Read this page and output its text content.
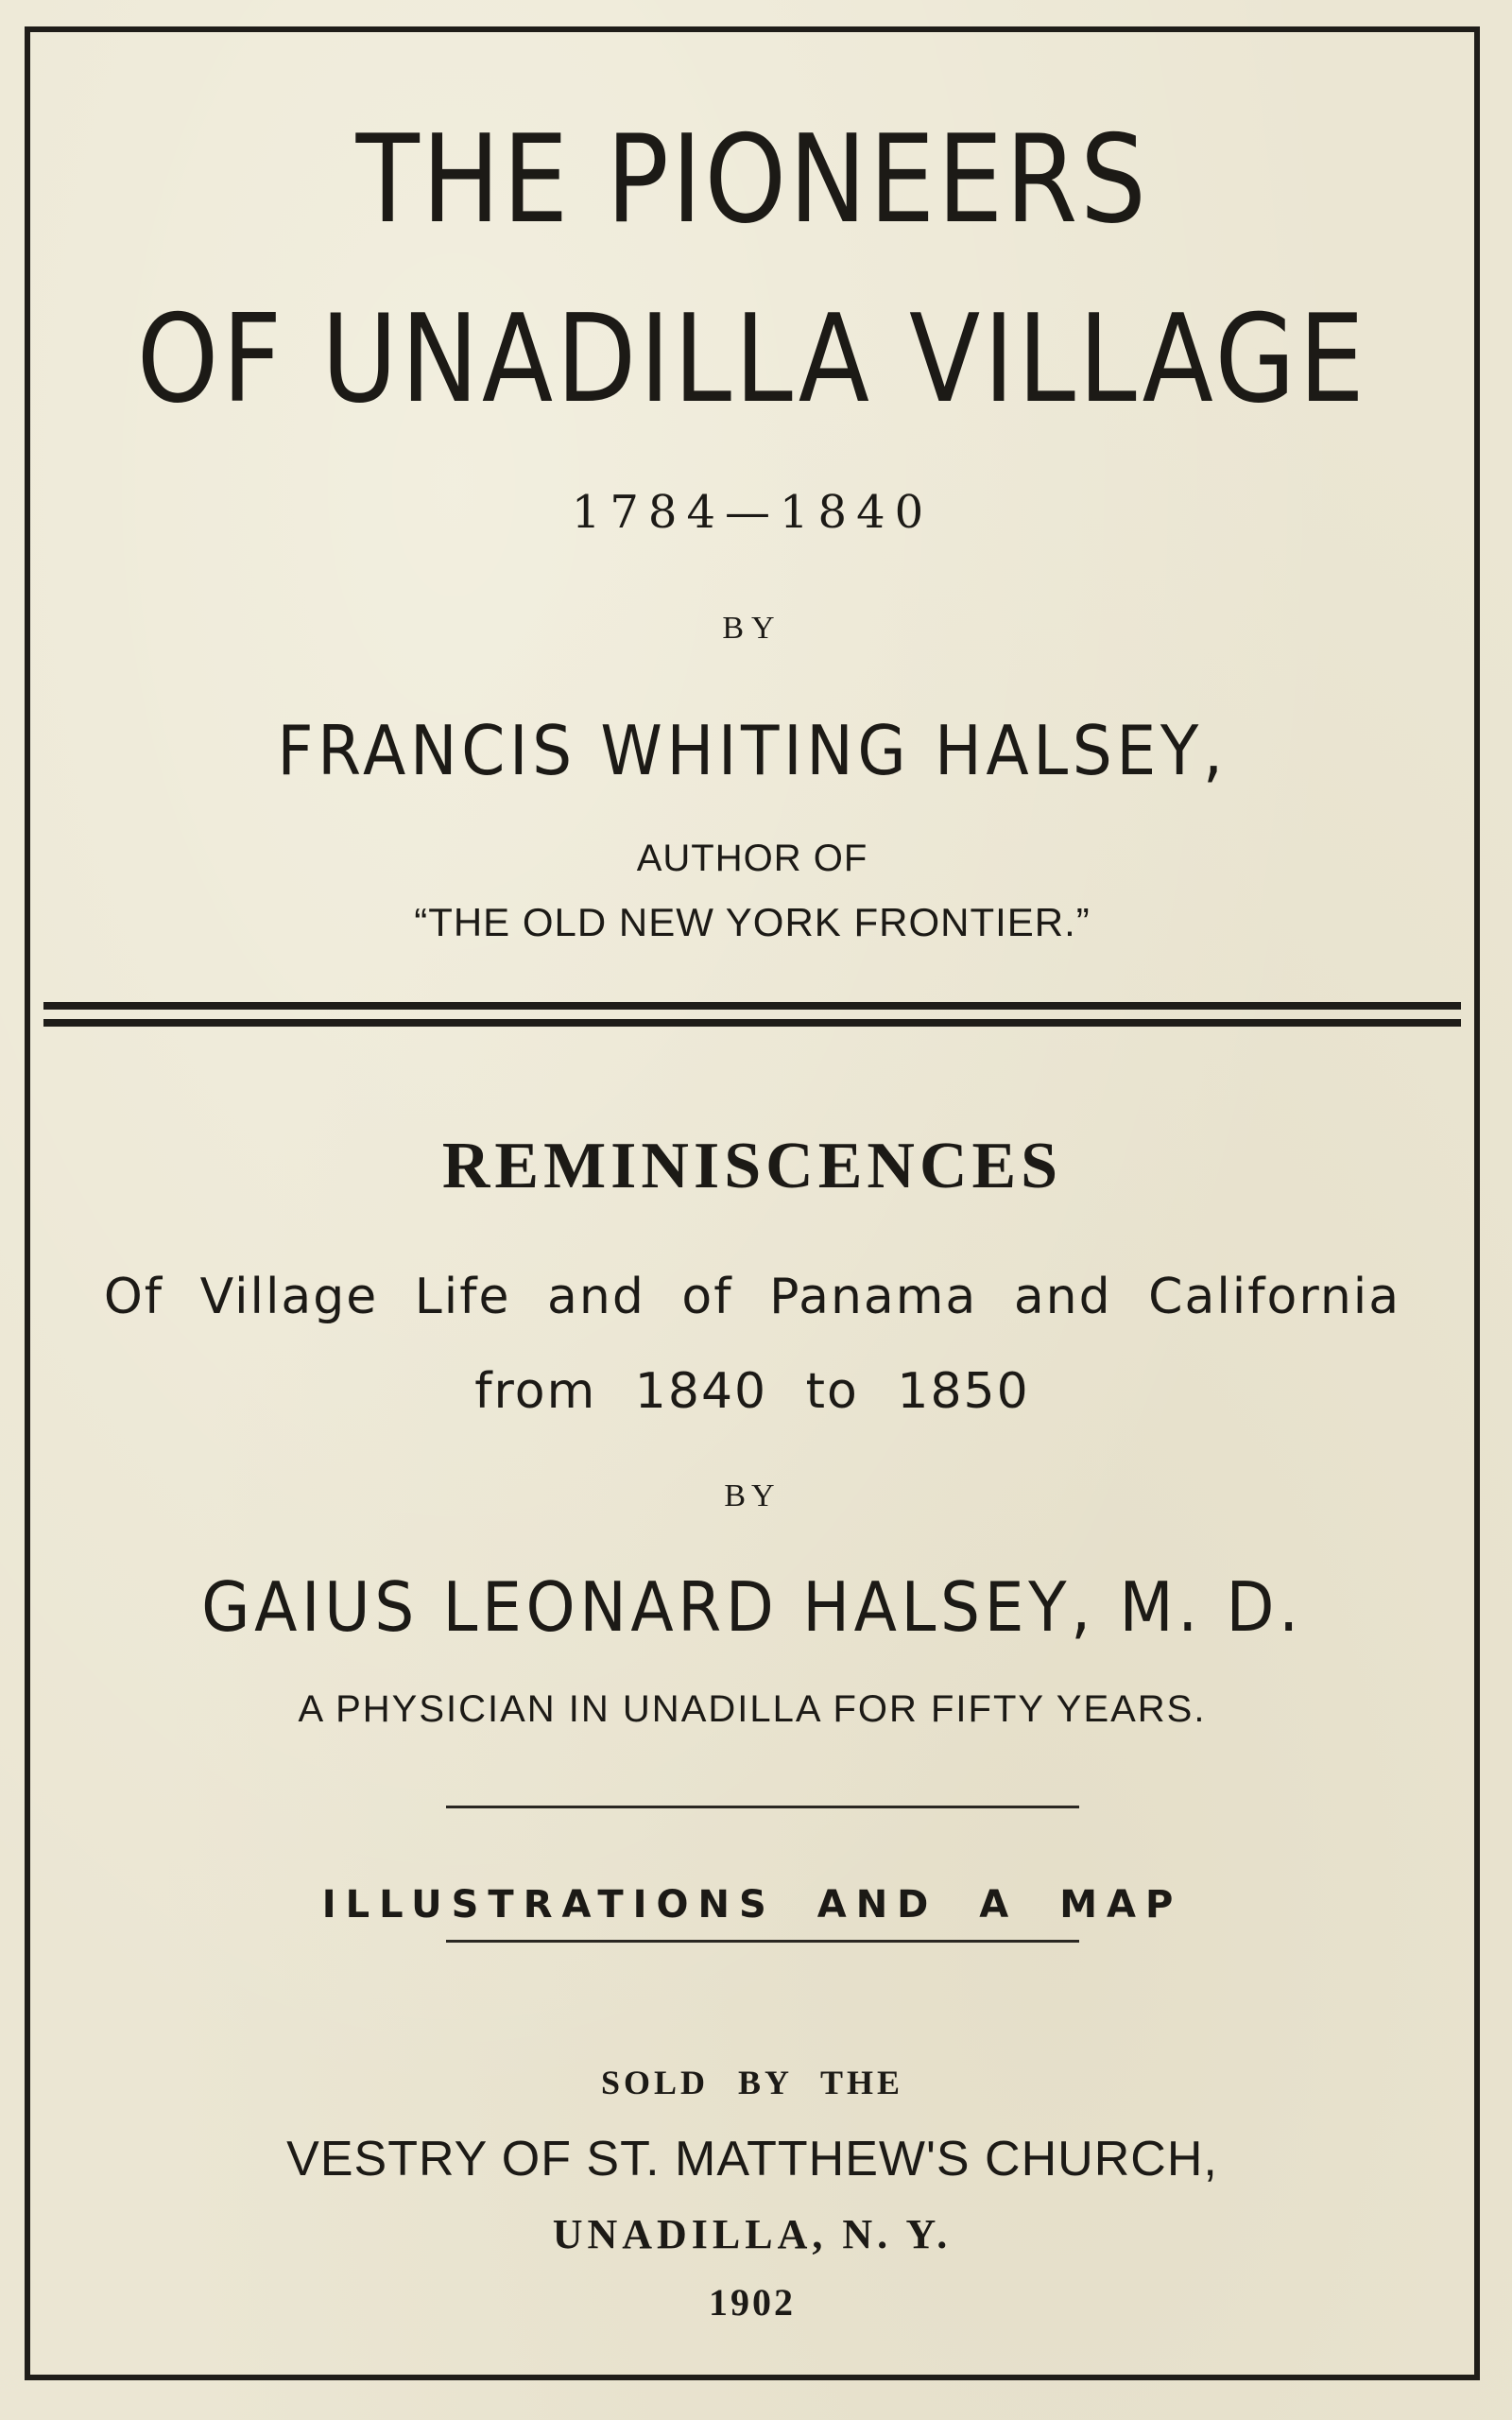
THE PIONEERS
OF UNADILLA VILLAGE
1784—1840
BY
FRANCIS WHITING HALSEY,
AUTHOR OF
“THE OLD NEW YORK FRONTIER.”
REMINISCENCES
Of Village Life and of Panama and California
from 1840 to 1850
BY
GAIUS LEONARD HALSEY, M. D.
A PHYSICIAN IN UNADILLA FOR FIFTY YEARS.
ILLUSTRATIONS AND A MAP
SOLD BY THE
VESTRY OF ST. MATTHEW'S CHURCH,
UNADILLA, N. Y.
1902
